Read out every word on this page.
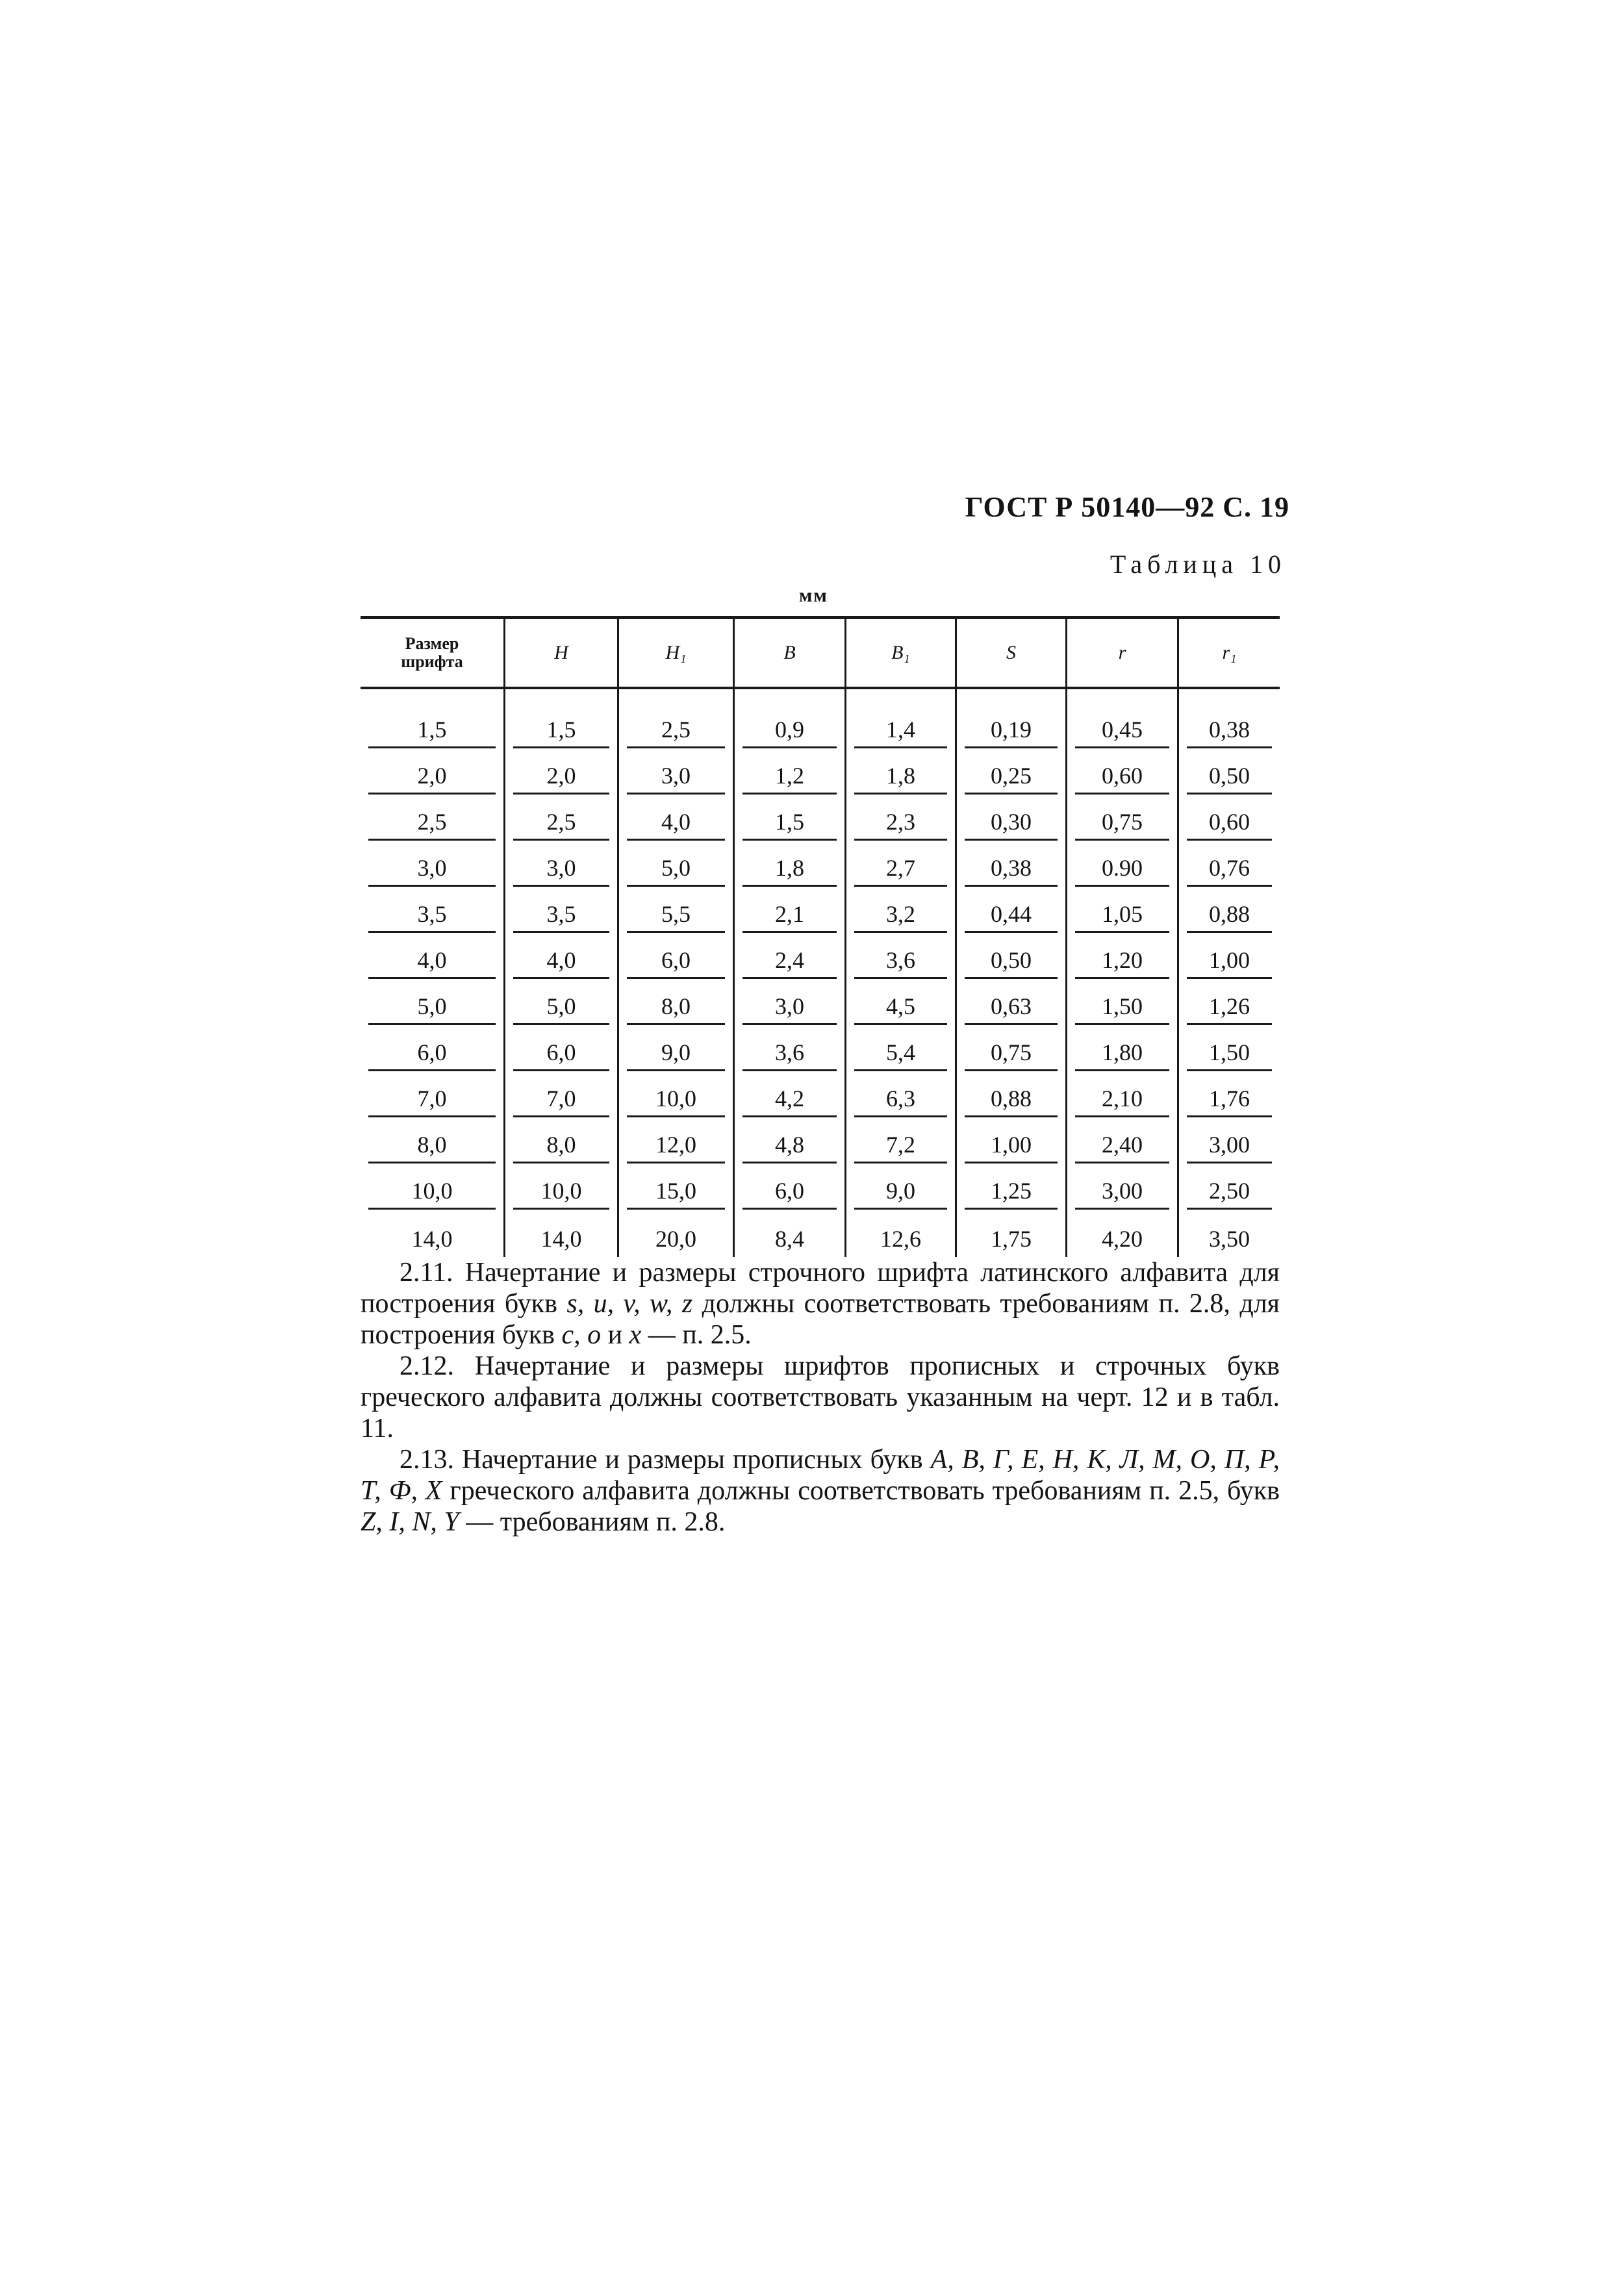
ГОСТ Р 50140—92 С. 19
Таблица 10
мм
Размер
шрифта	H	H₁	B	B₁	S	r	r₁
1,5	1,5	2,5	0,9	1,4	0,19	0,45	0,38
2,0	2,0	3,0	1,2	1,8	0,25	0,60	0,50
2,5	2,5	4,0	1,5	2,3	0,30	0,75	0,60
3,0	3,0	5,0	1,8	2,7	0,38	0.90	0,76
3,5	3,5	5,5	2,1	3,2	0,44	1,05	0,88
4,0	4,0	6,0	2,4	3,6	0,50	1,20	1,00
5,0	5,0	8,0	3,0	4,5	0,63	1,50	1,26
6,0	6,0	9,0	3,6	5,4	0,75	1,80	1,50
7,0	7,0	10,0	4,2	6,3	0,88	2,10	1,76
8,0	8,0	12,0	4,8	7,2	1,00	2,40	3,00
10,0	10,0	15,0	6,0	9,0	1,25	3,00	2,50
14,0	14,0	20,0	8,4	12,6	1,75	4,20	3,50

2.11. Начертание и размеры строчного шрифта латинского алфавита для построения букв s, u, v, w, z должны соответствовать требованиям п. 2.8, для построения букв c, o и x — п. 2.5.

2.12. Начертание и размеры шрифтов прописных и строчных букв греческого алфавита должны соответствовать указанным на черт. 12 и в табл. 11.

2.13. Начертание и размеры прописных букв А, В, Г, Е, Н, К, Л, М, О, П, Р, Т, Ф, Х греческого алфавита должны соответствовать требованиям п. 2.5, букв Z, I, N, Y — требованиям п. 2.8.
